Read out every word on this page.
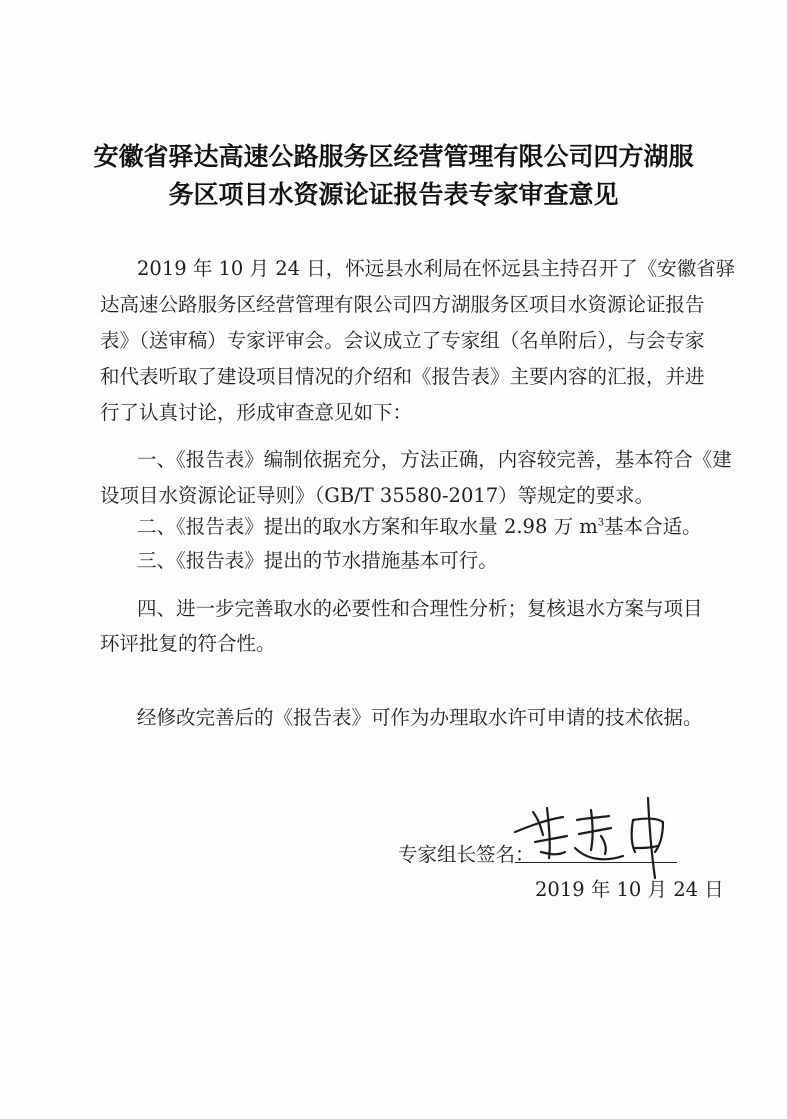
安徽省驿达高速公路服务区经营管理有限公司四方湖服
务区项目水资源论证报告表专家审查意见
2019 年 10 月 24 日，怀远县水利局在怀远县主持召开了《安徽省驿
达高速公路服务区经营管理有限公司四方湖服务区项目水资源论证报告
表》（送审稿）专家评审会。会议成立了专家组（名单附后），与会专家
和代表听取了建设项目情况的介绍和《报告表》主要内容的汇报，并进
行了认真讨论，形成审查意见如下：
一、《报告表》编制依据充分，方法正确，内容较完善，基本符合《建
设项目水资源论证导则》（GB/T 35580-2017）等规定的要求。
二、《报告表》提出的取水方案和年取水量 2.98 万 $m^3$基本合适。
三、《报告表》提出的节水措施基本可行。
四、进一步完善取水的必要性和合理性分析；复核退水方案与项目
环评批复的符合性。
经修改完善后的《报告表》可作为办理取水许可申请的技术依据。
专家组长签名：
2019 年 10 月 24 日
